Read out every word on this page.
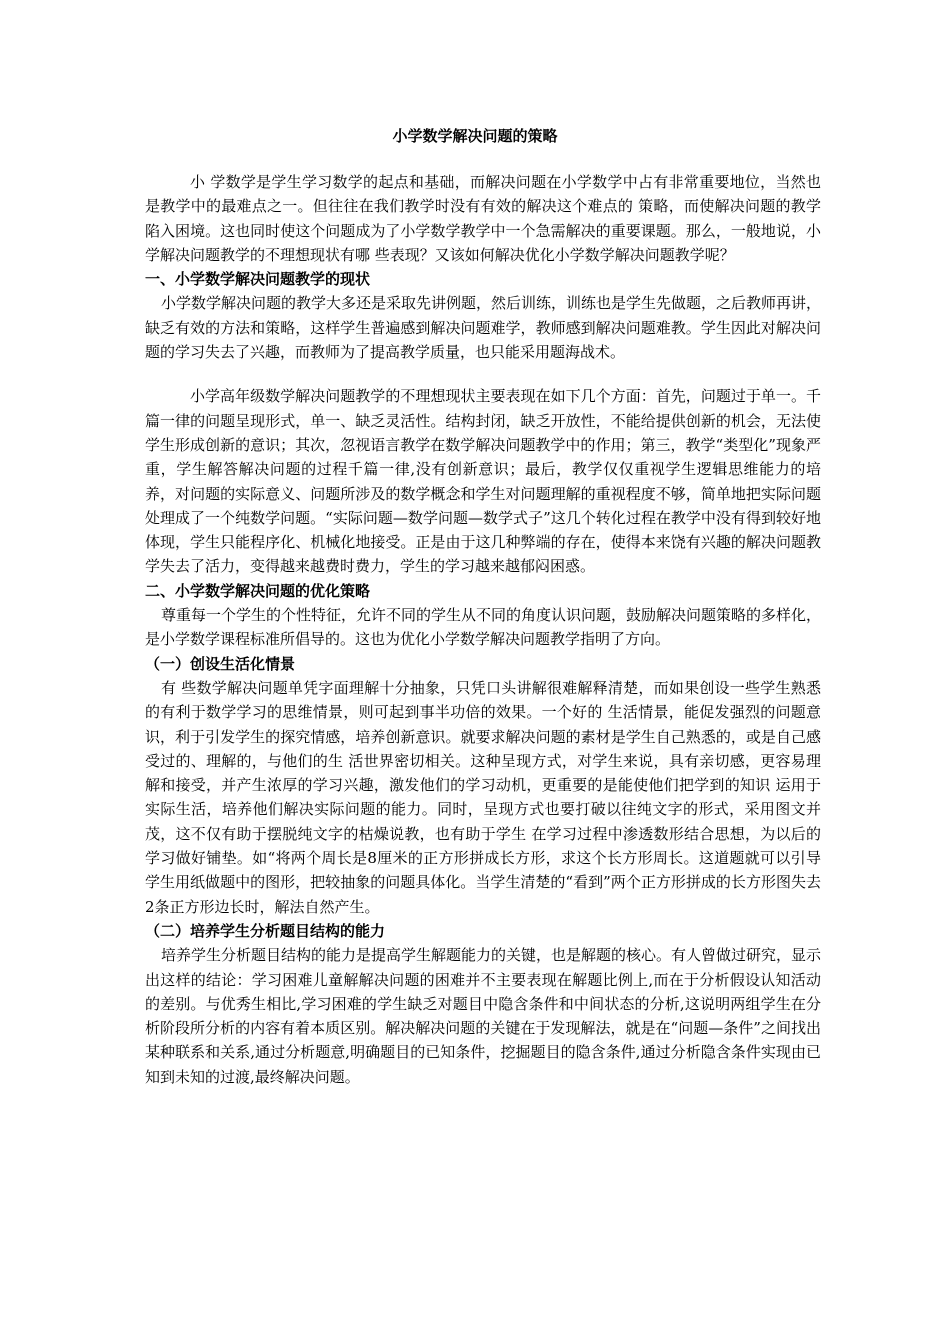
小学数学解决问题的策略

小 学数学是学生学习数学的起点和基础，而解决问题在小学数学中占有非常重要地位，当然也是教学中的最难点之一。但往往在我们教学时没有有效的解决这个难点的 策略，而使解决问题的教学陷入困境。这也同时使这个问题成为了小学数学教学中一个急需解决的重要课题。那么，一般地说，小学解决问题教学的不理想现状有哪 些表现？又该如何解决优化小学数学解决问题教学呢？

一、小学数学解决问题教学的现状

小学数学解决问题的教学大多还是采取先讲例题，然后训练，训练也是学生先做题，之后教师再讲，缺乏有效的方法和策略，这样学生普遍感到解决问题难学，教师感到解决问题难教。学生因此对解决问题的学习失去了兴趣，而教师为了提高教学质量，也只能采用题海战术。

小学高年级数学解决问题教学的不理想现状主要表现在如下几个方面：首先，问题过于单一。千篇一律的问题呈现形式，单一、缺乏灵活性。结构封闭，缺乏开放性，不能给提供创新的机会，无法使学生形成创新的意识；其次，忽视语言教学在数学解决问题教学中的作用；第三，教学“类型化”现象严重，学生解答解决问题的过程千篇一律,没有创新意识；最后，教学仅仅重视学生逻辑思维能力的培养，对问题的实际意义、问题所涉及的数学概念和学生对问题理解的重视程度不够，简单地把实际问题处理成了一个纯数学问题。“实际问题—数学问题—数学式子”这几个转化过程在教学中没有得到较好地体现，学生只能程序化、机械化地接受。正是由于这几种弊端的存在，使得本来饶有兴趣的解决问题教学失去了活力，变得越来越费时费力，学生的学习越来越郁闷困惑。

二、小学数学解决问题的优化策略

尊重每一个学生的个性特征，允许不同的学生从不同的角度认识问题，鼓励解决问题策略的多样化，是小学数学课程标准所倡导的。这也为优化小学数学解决问题教学指明了方向。

（一）创设生活化情景

有 些数学解决问题单凭字面理解十分抽象，只凭口头讲解很难解释清楚，而如果创设一些学生熟悉的有利于数学学习的思维情景，则可起到事半功倍的效果。一个好的 生活情景，能促发强烈的问题意识，利于引发学生的探究情感，培养创新意识。就要求解决问题的素材是学生自己熟悉的，或是自己感受过的、理解的，与他们的生 活世界密切相关。这种呈现方式，对学生来说，具有亲切感，更容易理解和接受，并产生浓厚的学习兴趣，激发他们的学习动机，更重要的是能使他们把学到的知识 运用于实际生活，培养他们解决实际问题的能力。同时，呈现方式也要打破以往纯文字的形式，采用图文并茂，这不仅有助于摆脱纯文字的枯燥说教，也有助于学生 在学习过程中渗透数形结合思想，为以后的学习做好铺垫。如“将两个周长是8厘米的正方形拼成长方形，求这个长方形周长。这道题就可以引导学生用纸做题中的图形，把较抽象的问题具体化。当学生清楚的“看到”两个正方形拼成的长方形图失去2条正方形边长时，解法自然产生。

（二）培养学生分析题目结构的能力

培养学生分析题目结构的能力是提高学生解题能力的关键，也是解题的核心。有人曾做过研究，显示出这样的结论：学习困难儿童解解决问题的困难并不主要表现在解题比例上,而在于分析假设认知活动的差别。与优秀生相比,学习困难的学生缺乏对题目中隐含条件和中间状态的分析,这说明两组学生在分析阶段所分析的内容有着本质区别。解决解决问题的关键在于发现解法，就是在“问题—条件”之间找出某种联系和关系,通过分析题意,明确题目的已知条件，挖掘题目的隐含条件,通过分析隐含条件实现由已知到未知的过渡,最终解决问题。
